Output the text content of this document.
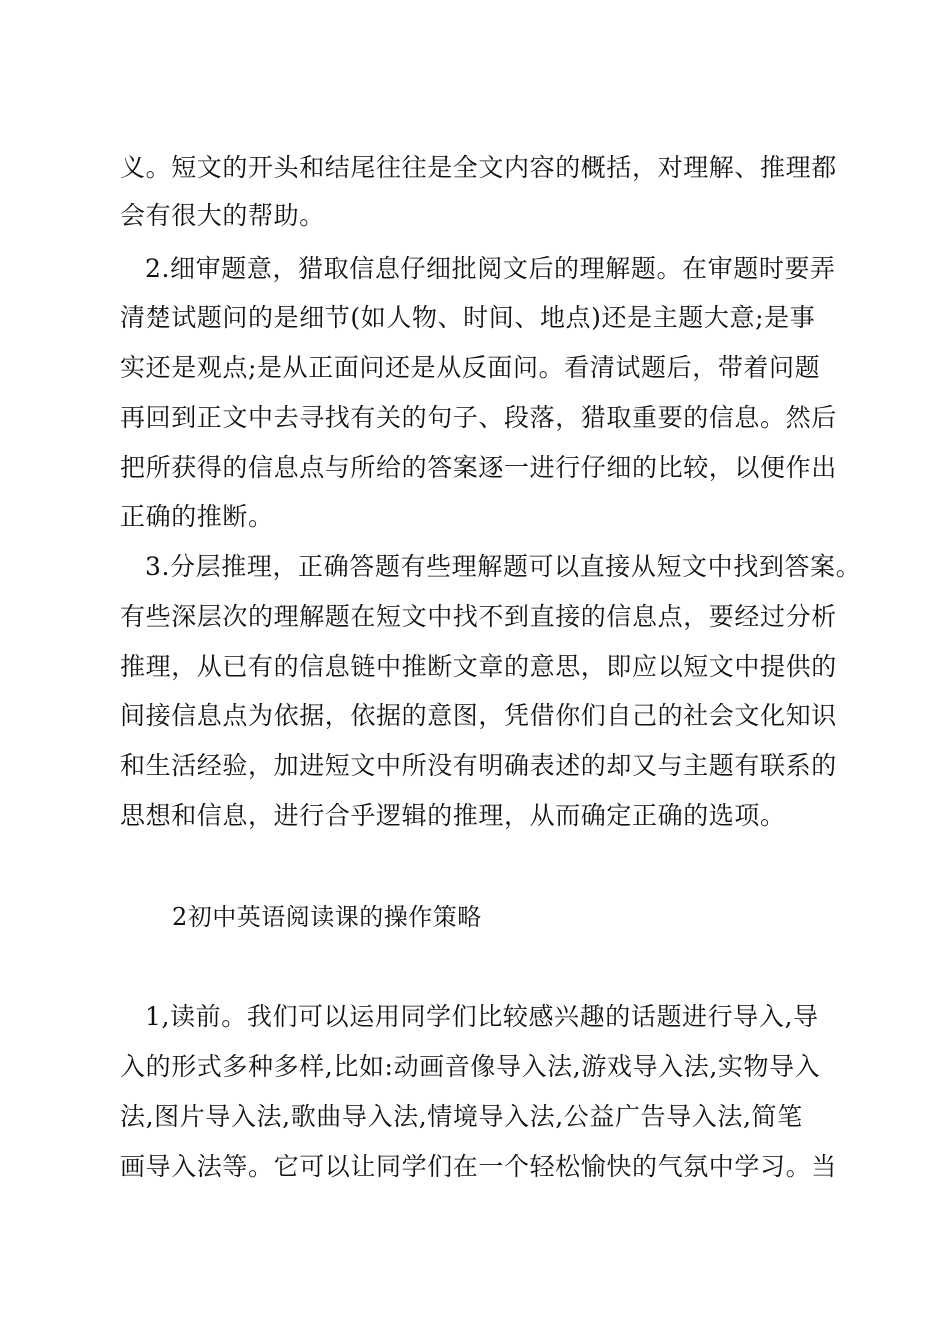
义。短文的开头和结尾往往是全文内容的概括，对理解、推理都
会有很大的帮助。
2.细审题意，猎取信息仔细批阅文后的理解题。在审题时要弄
清楚试题问的是细节(如人物、时间、地点)还是主题大意;是事
实还是观点;是从正面问还是从反面问。看清试题后，带着问题
再回到正文中去寻找有关的句子、段落，猎取重要的信息。然后
把所获得的信息点与所给的答案逐一进行仔细的比较，以便作出
正确的推断。
3.分层推理，正确答题有些理解题可以直接从短文中找到答案。
有些深层次的理解题在短文中找不到直接的信息点，要经过分析
推理，从已有的信息链中推断文章的意思，即应以短文中提供的
间接信息点为依据，依据的意图，凭借你们自己的社会文化知识
和生活经验，加进短文中所没有明确表述的却又与主题有联系的
思想和信息，进行合乎逻辑的推理，从而确定正确的选项。
2初中英语阅读课的操作策略
1,读前。我们可以运用同学们比较感兴趣的话题进行导入,导
入的形式多种多样,比如:动画音像导入法,游戏导入法,实物导入
法,图片导入法,歌曲导入法,情境导入法,公益广告导入法,简笔
画导入法等。它可以让同学们在一个轻松愉快的气氛中学习。当
